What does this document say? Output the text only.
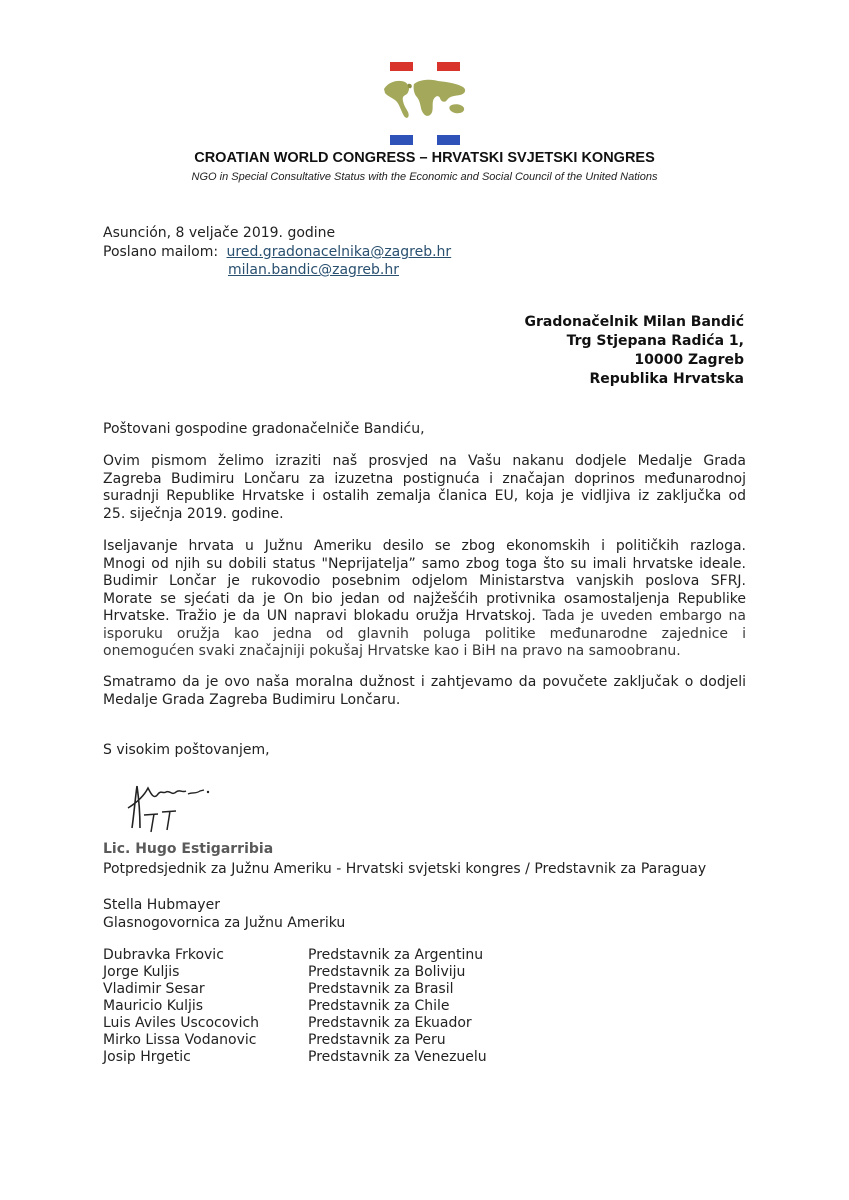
CROATIAN WORLD CONGRESS – HRVATSKI SVJETSKI KONGRES
NGO in Special Consultative Status with the Economic and Social Council of the United Nations
Asunción, 8 veljače 2019. godine
Poslano mailom: ured.gradonacelnika@zagreb.hr
milan.bandic@zagreb.hr
Gradonačelnik Milan Bandić
Trg Stjepana Radića 1,
10000 Zagreb
Republika Hrvatska
Poštovani gospodine gradonačelniče Bandiću,
Ovim pismom želimo izraziti naš prosvjed na Vašu nakanu dodjele Medalje Grada
Zagreba Budimiru Lončaru za izuzetna postignuća i značajan doprinos međunarodnoj
suradnji Republike Hrvatske i ostalih zemalja članica EU, koja je vidljiva iz zaključka od
25. siječnja 2019. godine.
Iseljavanje hrvata u Južnu Ameriku desilo se zbog ekonomskih i političkih razloga.
Mnogi od njih su dobili status "Neprijatelja” samo zbog toga što su imali hrvatske ideale.
Budimir Lončar je rukovodio posebnim odjelom Ministarstva vanjskih poslova SFRJ.
Morate se sjećati da je On bio jedan od najžešćih protivnika osamostaljenja Republike
Hrvatske. Tražio je da UN napravi blokadu oružja Hrvatskoj. Tada je uveden embargo na
isporuku oružja kao jedna od glavnih poluga politike međunarodne zajednice i
onemogućen svaki značajniji pokušaj Hrvatske kao i BiH na pravo na samoobranu.
Smatramo da je ovo naša moralna dužnost i zahtjevamo da povučete zaključak o dodjeli
Medalje Grada Zagreba Budimiru Lončaru.
S visokim poštovanjem,
Lic. Hugo Estigarribia
Potpredsjednik za Južnu Ameriku - Hrvatski svjetski kongres / Predstavnik za Paraguay
Stella Hubmayer
Glasnogovornica za Južnu Ameriku
Dubravka Frkovic	Predstavnik za Argentinu
Jorge Kuljis	Predstavnik za Boliviju
Vladimir Sesar	Predstavnik za Brasil
Mauricio Kuljis	Predstavnik za Chile
Luis Aviles Uscocovich	Predstavnik za Ekuador
Mirko Lissa Vodanovic	Predstavnik za Peru
Josip Hrgetic	Predstavnik za Venezuelu
